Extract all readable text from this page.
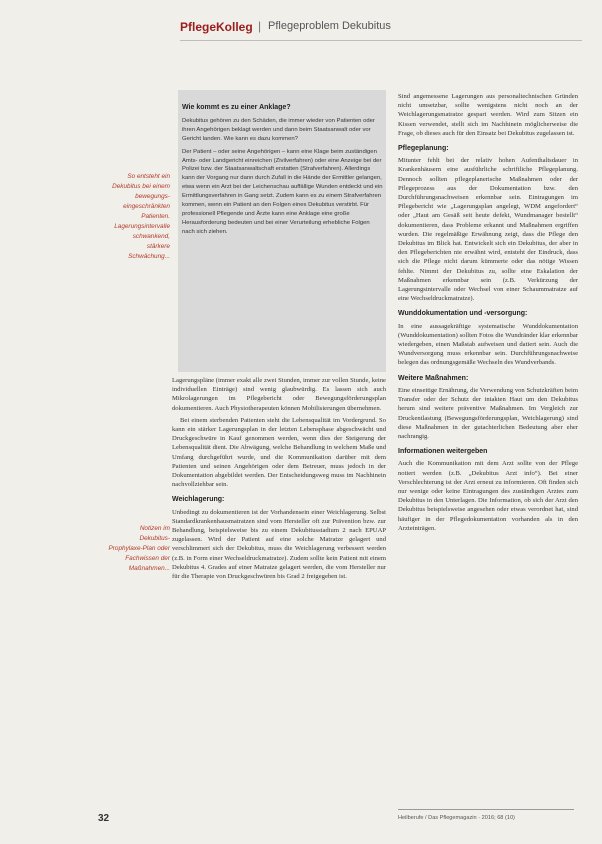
PflegeKolleg | Pflegeproblem Dekubitus
So entsteht ein Dekubitus bei einem bewegungs-eingeschränkten Patienten. Lagerungsintervalle schwankend, stärkere Schwächung...
Notizen im Dekubitus-Prophylaxe-Plan oder Fachwissen der Maßnahmen...
Wie kommt es zu einer Anklage?

Dekubitus gehören zu den Schäden, die immer wieder von Patienten oder ihren Angehörigen beklagt werden und dann beim Staatsanwalt oder vor Gericht landen. Wie kann es dazu kommen?

Der Patient – oder seine Angehörigen – kann eine Klage beim zuständigen Amts- oder Landgericht einreichen (Zivilverfahren) oder eine Anzeige bei der Polizei bzw. der Staatsanwaltschaft erstatten (Strafverfahren). Allerdings kann der Vorgang nur dann durch Zufall in die Hände der Ermittler gelangen, etwa wenn ein Arzt bei der Leichenschau auffällige Wunden entdeckt und ein Ermittlungsverfahren in Gang setzt. Zudem kann es zu einem Strafverfahren kommen, wenn ein Patient an den Folgen eines Dekubitus verstirbt. Für professionell Pflegende und Ärzte kann eine Anklage eine große Herausforderung bedeuten und bei einer Verurteilung erhebliche Folgen nach sich ziehen.

Lagerungspläne (immer exakt alle zwei Stunden, immer zur vollen Stunde, keine individuellen Einträge) sind wenig glaubwürdig. Es lassen sich auch Mikrolagerungen im Pflegebericht oder Bewegungsförderungsplan dokumentieren. Auch Physiotherapeuten können Mobilisierungen übernehmen.

Bei einem sterbenden Patienten steht die Lebensqualität im Vordergrund. So kann ein stärker Lagerungsplan in der letzten Lebensphase abgeschwächt und Druckgeschwüre in Kauf genommen werden, wenn dies der Steigerung der Lebensqualität dient. Die Abwägung, welche Behandlung in welchem Maße und Umfang durchgeführt wurde, und die Kommunikation darüber mit dem Patienten und seinen Angehörigen oder dem Betreuer, muss jedoch in der Dokumentation abgebildet werden. Der Entscheidungsweg muss im Nachhinein nachvollziehbar sein.

Weichlagerung:

Unbedingt zu dokumentieren ist der Vorhandensein einer Weichlagerung. Selbst Standardkrankenhausmatratzen sind vom Hersteller oft zur Prävention bzw. zur Behandlung, beispielsweise bis zu einem Dekubitusstadium 2 nach EPUAP zugelassen. Wird der Patient auf eine solche Matratze gelagert und verschlimmert sich der Dekubitus, muss die Weichlagerung verbessert werden (z.B. in Form einer Wechseldruckmatratze). Zudem sollte kein Patient mit einem Dekubitus 4. Grades auf einer Matratze gelagert werden, die vom Hersteller nur für die Therapie von Druckgeschwüren bis Grad 2 freigegeben ist.

Sind angemessene Lagerungen aus personaltechnischen Gründen nicht umsetzbar, sollte wenigstens nicht noch an der Weichlagerungsmatratze gespart werden. Wird zum Sitzen ein Kissen verwendet, stellt sich im Nachhinein möglicherweise die Frage, ob dieses auch für den Einsatz bei Dekubitus zugelassen ist.

Pflegeplanung:

Mitunter fehlt bei der relativ hohen Aufenthaltsdauer in Krankenhäusern eine ausführliche schriftliche Pflegeplanung. Dennoch sollten pflegeplanerische Maßnahmen oder der Pflegeprozess aus der Dokumentation bzw. den Durchführungsnachweisen erkennbar sein. Eintragungen im Pflegebericht wie „Lagerungsplan angelegt, WDM angefordert“ oder „Haut am Gesäß seit heute defekt, Wundmanager bestellt“ dokumentieren, dass Probleme erkannt und Maßnahmen ergriffen wurden. Die regelmäßige Erwähnung zeigt, dass die Pflege den Dekubitus im Blick hat. Entwickelt sich ein Dekubitus, der aber in den Pflegeberichten nie erwähnt wird, entsteht der Eindruck, dass sich die Pflege nicht darum kümmerte oder das nötige Wissen fehlte. Nimmt der Dekubitus zu, sollte eine Eskalation der Maßnahmen erkennbar sein (z.B. Verkürzung der Lagerungsintervalle oder Wechsel von einer Schaummatratze auf eine Wechseldruckmatratze).

Wunddokumentation und -versorgung:

In eine aussagekräftige systematische Wunddokumentation (Wunddokumentation) sollten Fotos die Wundränder klar erkennbar wiedergeben, einen Maßstab aufweisen und datiert sein. Auch die Wundversorgung muss erkennbar sein. Durchführungsnachweise belegen das ordnungsgemäße Wechseln des Wundverbands.

Weitere Maßnahmen:

Eine einseitige Ernährung, die Verwendung von Schutzkräften beim Transfer oder der Schutz der intakten Haut um den Dekubitus herum sind weitere präventive Maßnahmen. Im Vergleich zur Druckentlastung (Bewegungsförderungsplan, Weichlagerung) sind diese Maßnahmen in der gutachterlichen Bedeutung aber eher nachrangig.

Informationen weitergeben

Auch die Kommunikation mit dem Arzt sollte von der Pflege notiert werden (z.B. „Dekubitus Arzt info“). Bei einer Verschlechterung ist der Arzt erneut zu informieren. Oft finden sich nur wenige oder keine Eintragungen des zuständigen Arztes zum Dekubitus in den Unterlagen. Die Information, ob sich der Arzt den Dekubitus beispielsweise angesehen oder etwas verordnet hat, sind häufiger in der Pflegedokumentation vorhanden als in den Arzteinträgen.

32	Heilberufe / Das Pflegemagazin · 2016; 68 (10)
